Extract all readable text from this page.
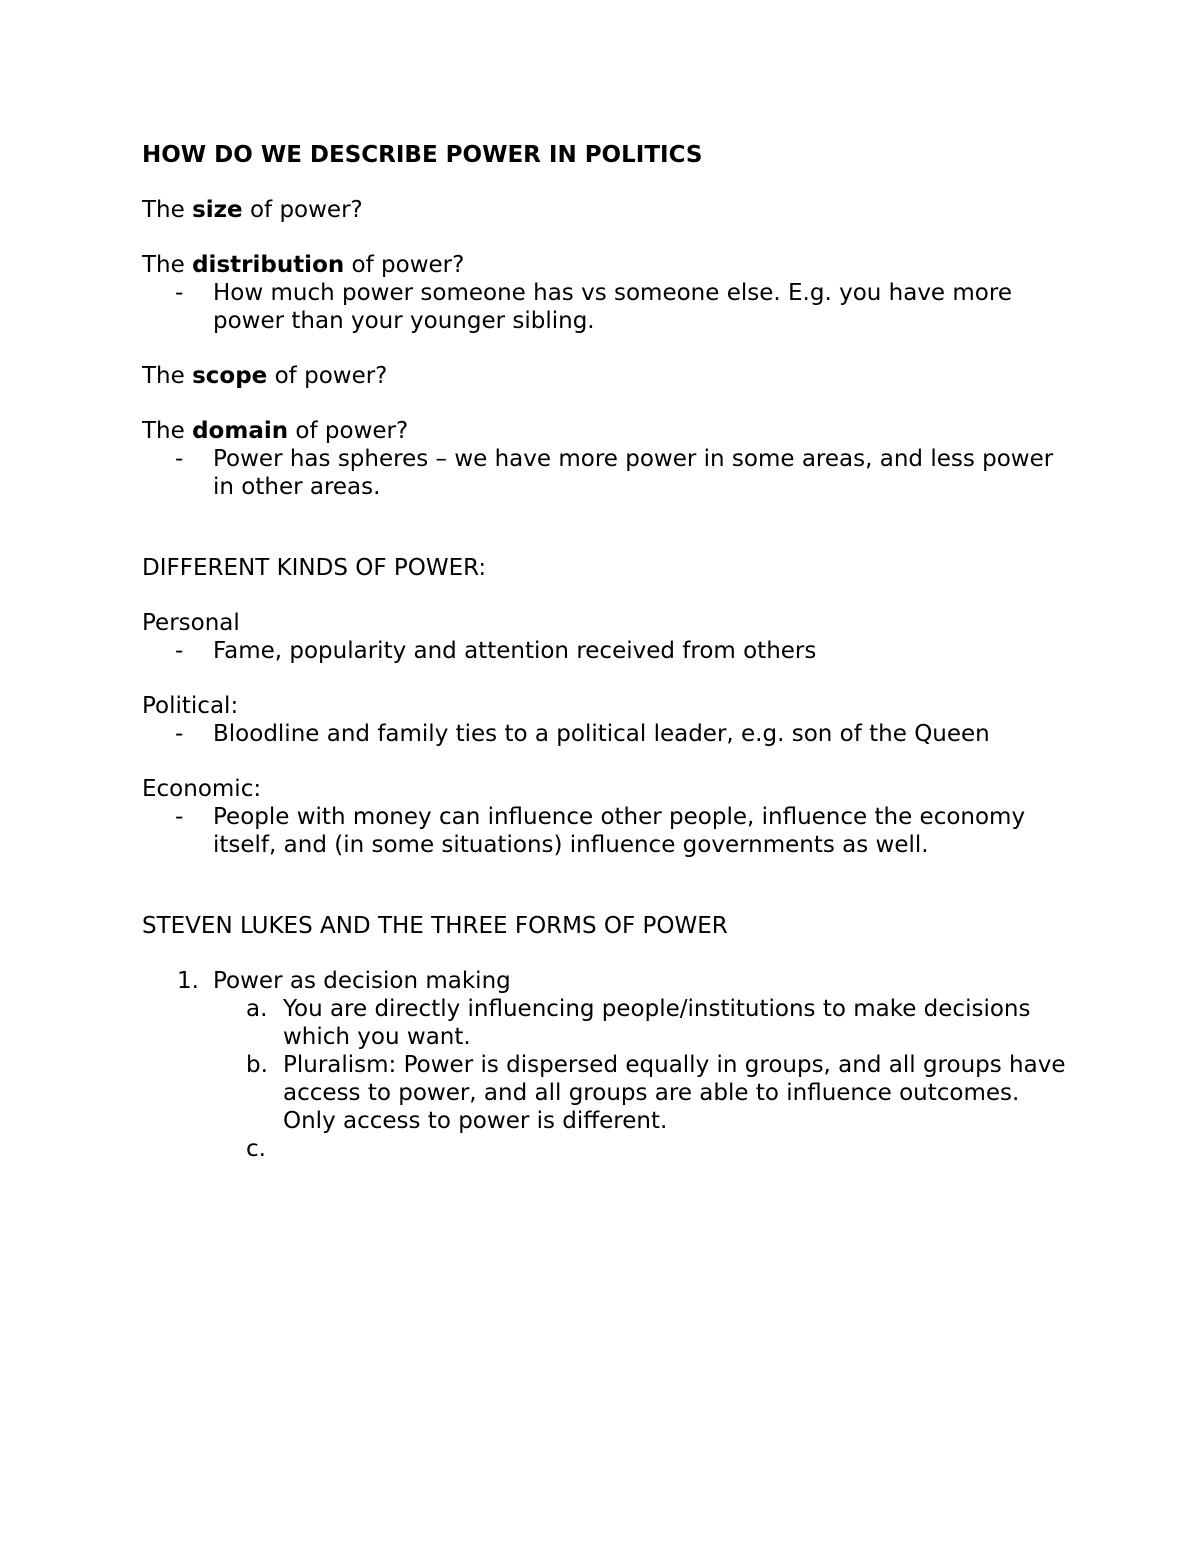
HOW DO WE DESCRIBE POWER IN POLITICS
The size of power?
The distribution of power?
- How much power someone has vs someone else. E.g. you have more power than your younger sibling.
The scope of power?
The domain of power?
- Power has spheres – we have more power in some areas, and less power in other areas.
DIFFERENT KINDS OF POWER:
Personal
- Fame, popularity and attention received from others
Political:
- Bloodline and family ties to a political leader, e.g. son of the Queen
Economic:
- People with money can influence other people, influence the economy itself, and (in some situations) influence governments as well.
STEVEN LUKES AND THE THREE FORMS OF POWER
1. Power as decision making
a. You are directly influencing people/institutions to make decisions which you want.
b. Pluralism: Power is dispersed equally in groups, and all groups have access to power, and all groups are able to influence outcomes. Only access to power is different.
c.
